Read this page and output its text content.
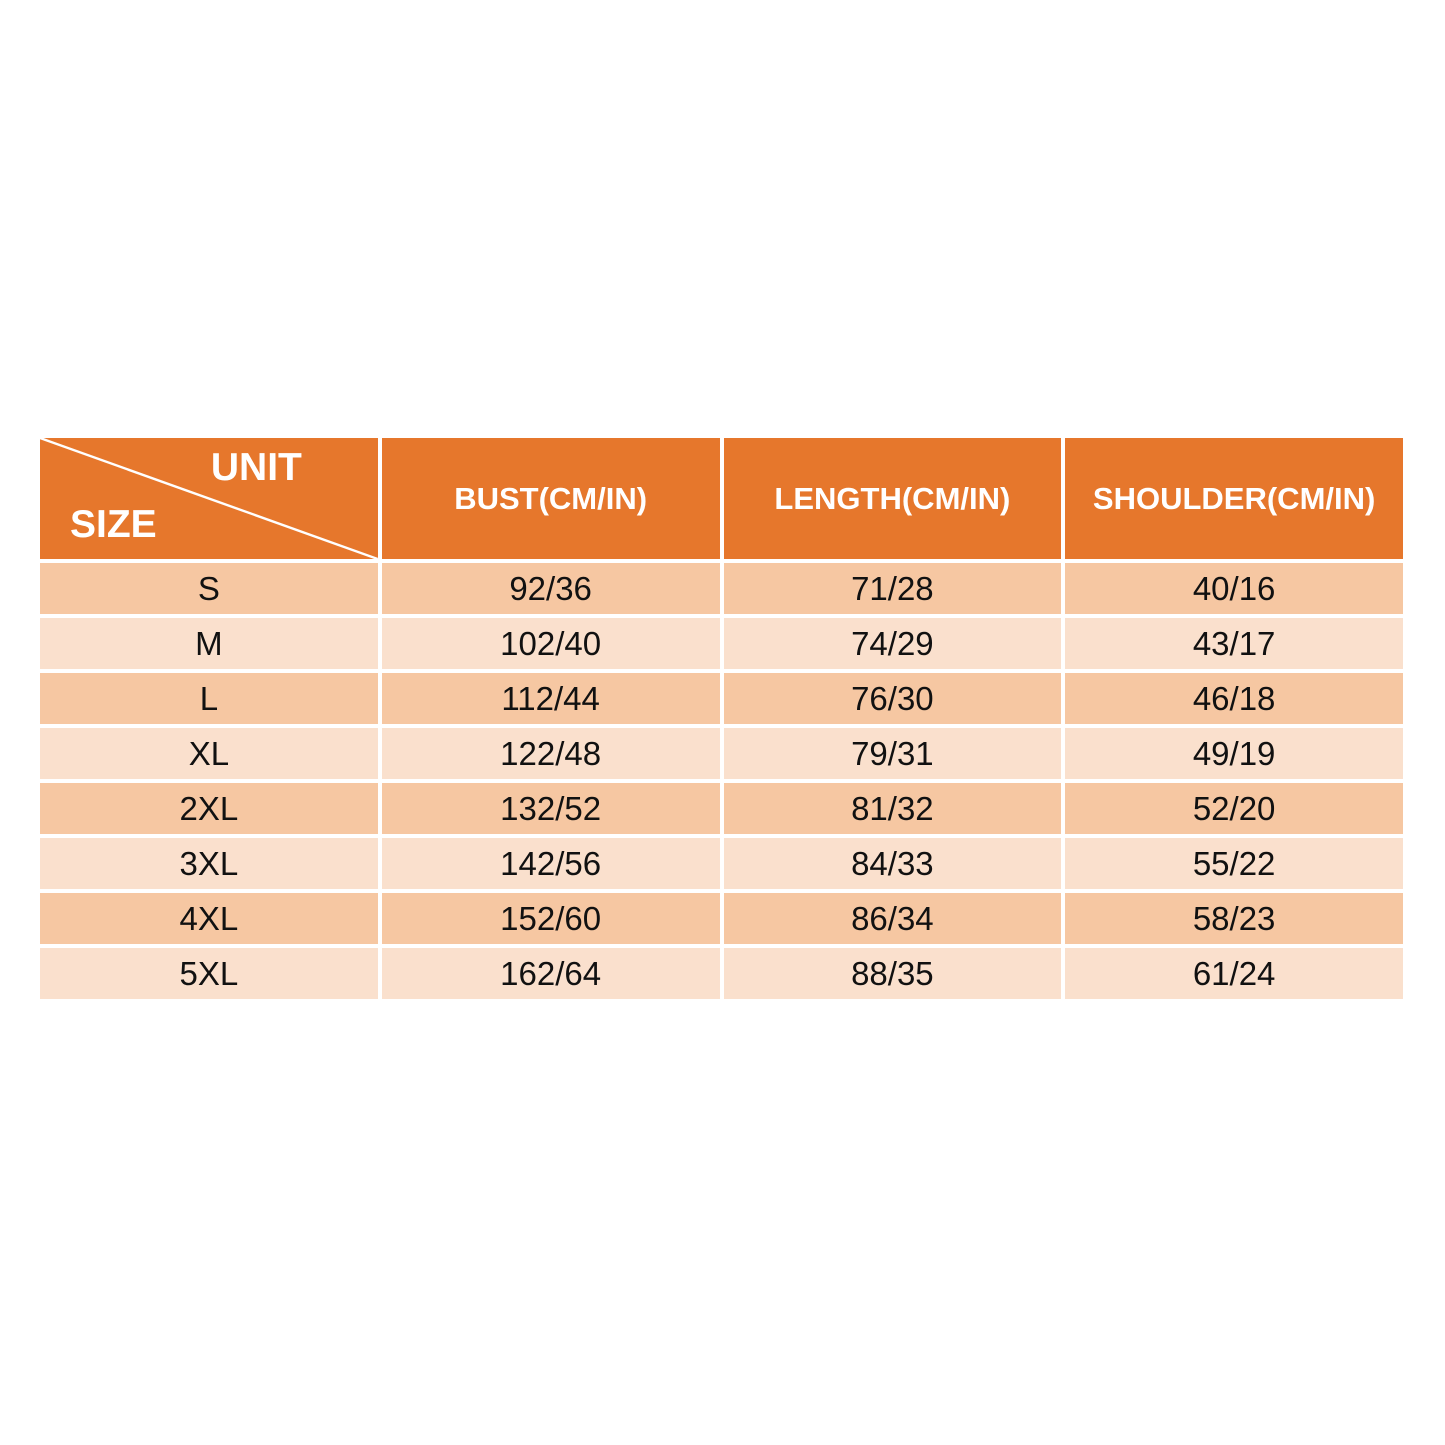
UNIT
SIZE
BUST(CM/IN)	LENGTH(CM/IN)	SHOULDER(CM/IN)
S	92/36	71/28	40/16
M	102/40	74/29	43/17
L	112/44	76/30	46/18
XL	122/48	79/31	49/19
2XL	132/52	81/32	52/20
3XL	142/56	84/33	55/22
4XL	152/60	86/34	58/23
5XL	162/64	88/35	61/24
